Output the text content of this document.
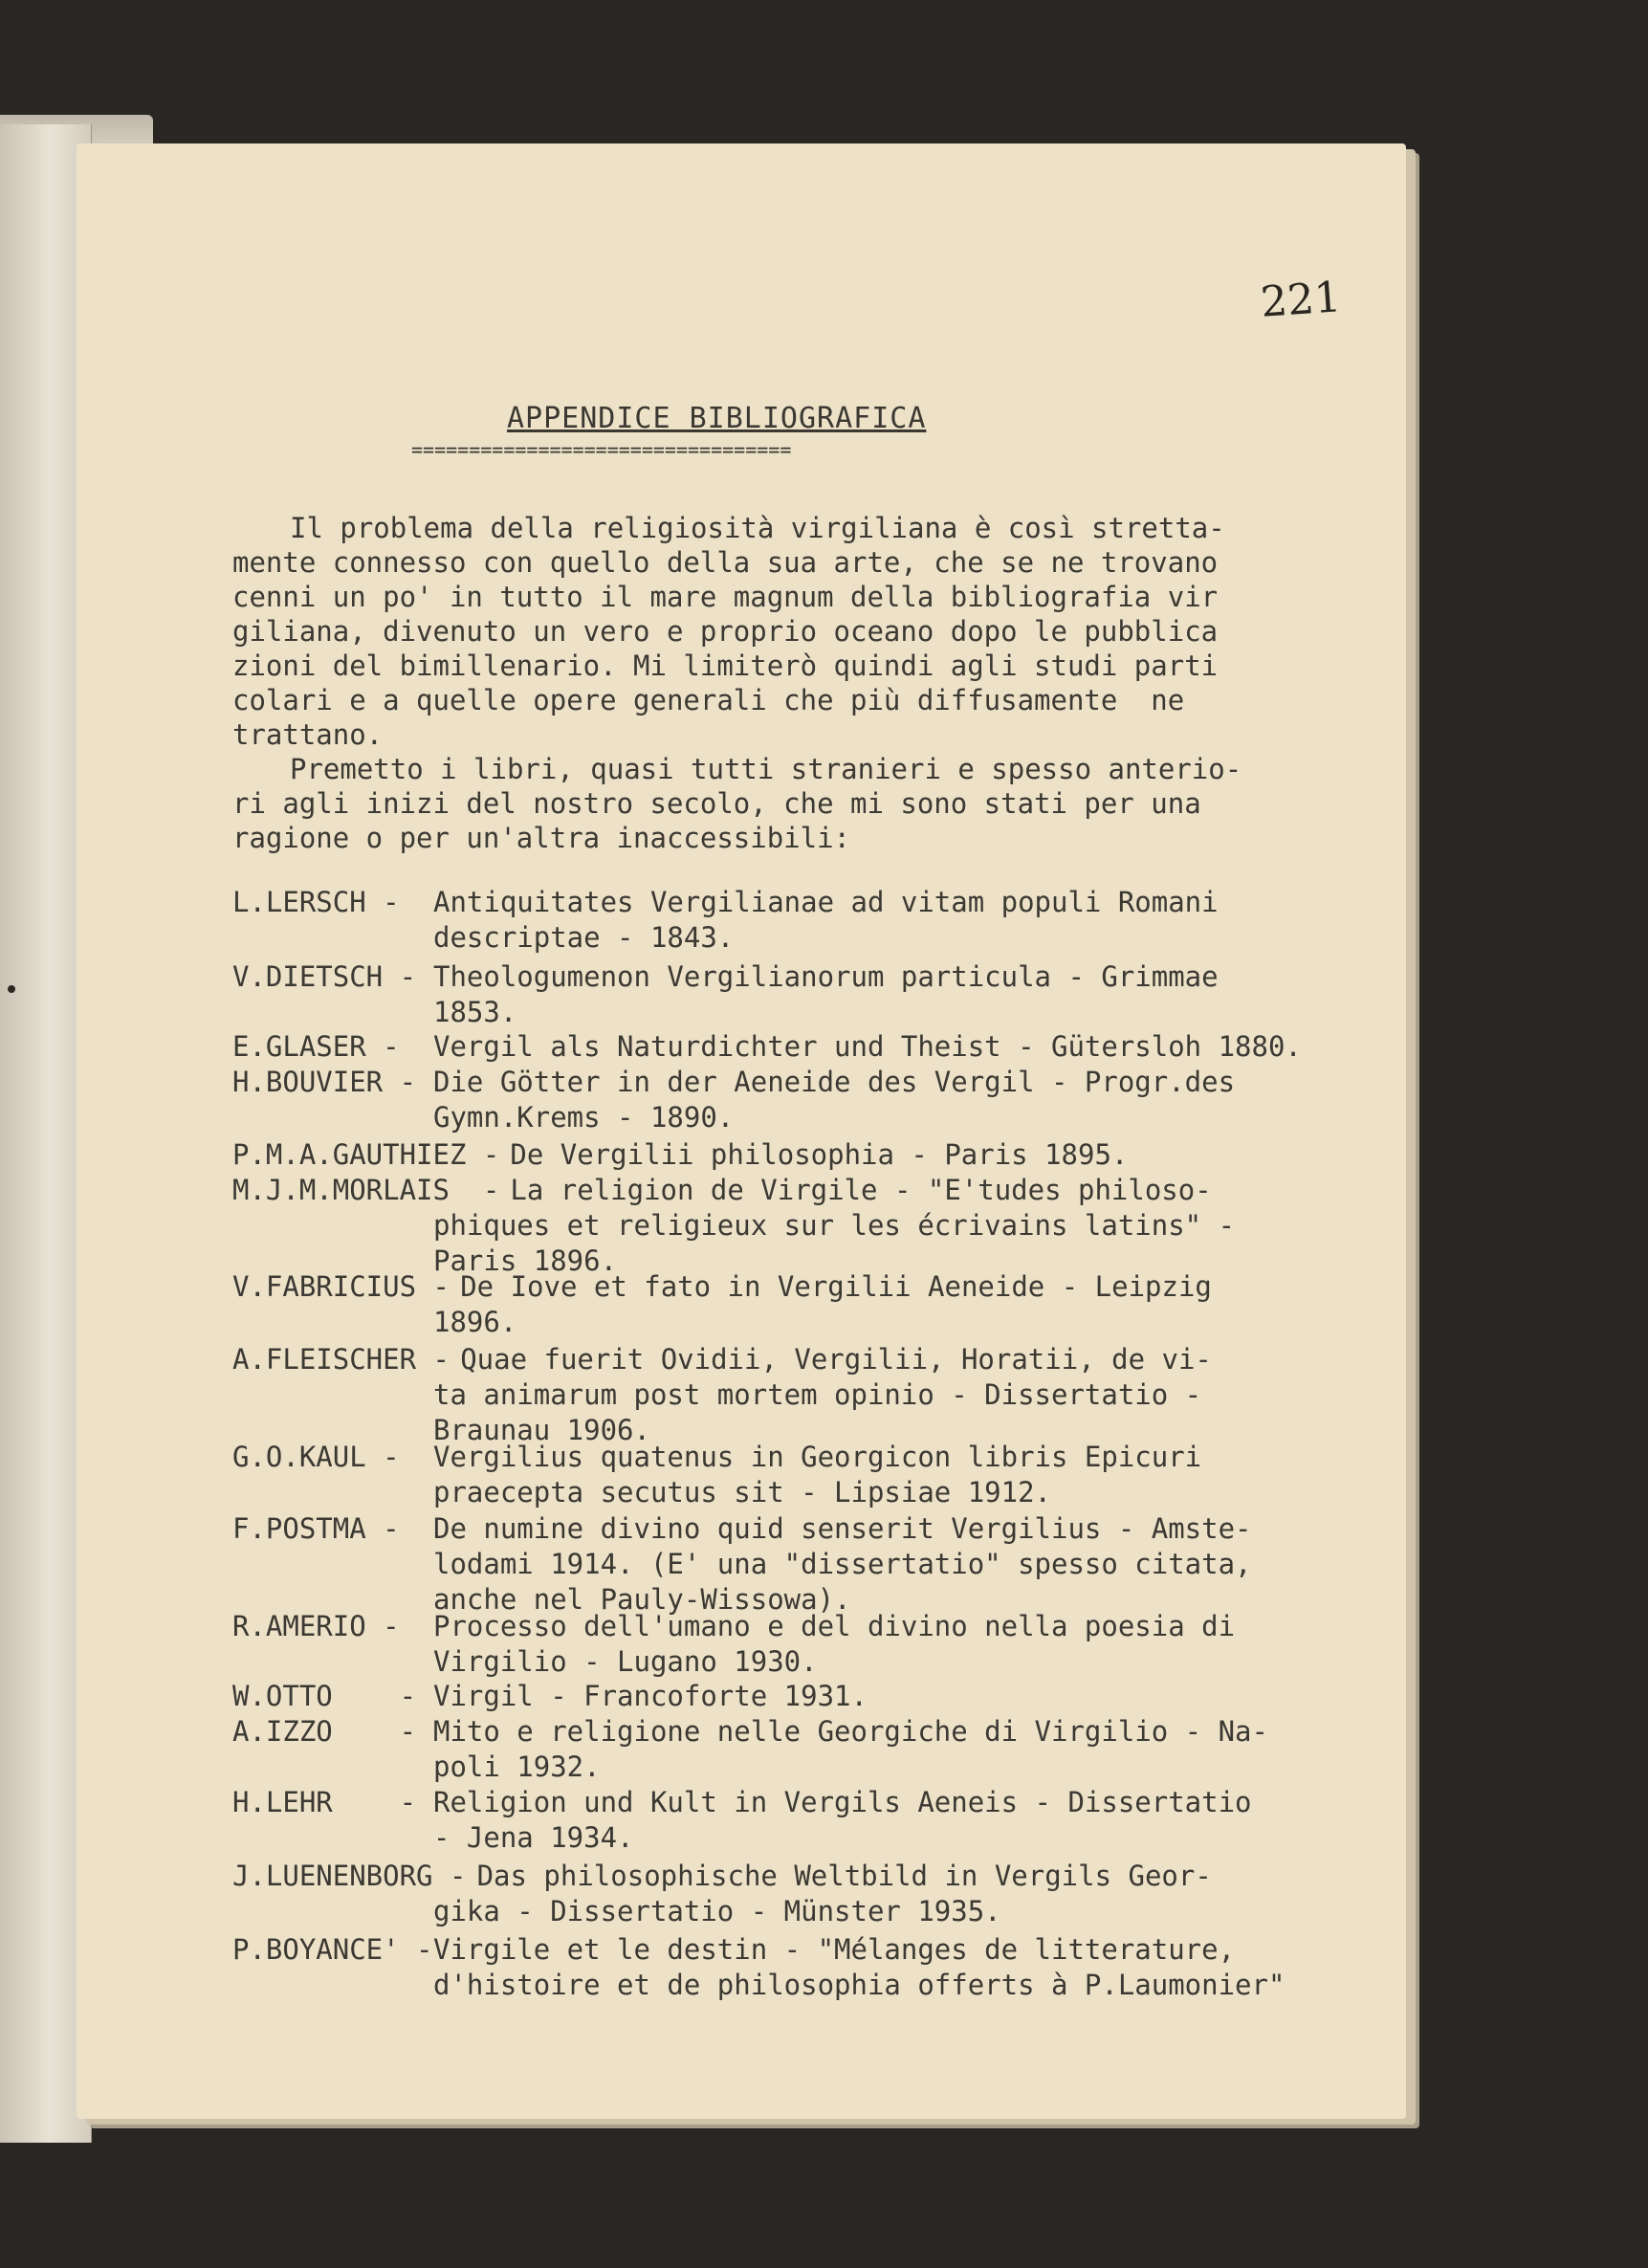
221
APPENDICE BIBLIOGRAFICA
=================================
Il problema della religiosità virgiliana è così stretta-
mente connesso con quello della sua arte, che se ne trovano
cenni un po' in tutto il mare magnum della bibliografia vir
giliana, divenuto un vero e proprio oceano dopo le pubblica
zioni del bimillenario. Mi limiterò quindi agli studi parti
colari e a quelle opere generali che più diffusamente  ne
trattano.
Premetto i libri, quasi tutti stranieri e spesso anterio-
ri agli inizi del nostro secolo, che mi sono stati per una
ragione o per un'altra inaccessibili:
L.LERSCH - Antiquitates Vergilianae ad vitam populi Romani
descriptae - 1843.
V.DIETSCH - Theologumenon Vergilianorum particula - Grimmae
1853.
E.GLASER - Vergil als Naturdichter und Theist - Gütersloh 1880.
H.BOUVIER - Die Götter in der Aeneide des Vergil - Progr.des
Gymn.Krems - 1890.
P.M.A.GAUTHIEZ - De Vergilii philosophia - Paris 1895.
M.J.M.MORLAIS  - La religion de Virgile - "E'tudes philoso-
phiques et religieux sur les écrivains latins" -
Paris 1896.
V.FABRICIUS - De Iove et fato in Vergilii Aeneide - Leipzig
1896.
A.FLEISCHER - Quae fuerit Ovidii, Vergilii, Horatii, de vi-
ta animarum post mortem opinio - Dissertatio -
Braunau 1906.
G.O.KAUL - Vergilius quatenus in Georgicon libris Epicuri
praecepta secutus sit - Lipsiae 1912.
F.POSTMA - De numine divino quid senserit Vergilius - Amste-
lodami 1914. (E' una "dissertatio" spesso citata,
anche nel Pauly-Wissowa).
R.AMERIO - Processo dell'umano e del divino nella poesia di
Virgilio - Lugano 1930.
W.OTTO    - Virgil - Francoforte 1931.
A.IZZO    - Mito e religione nelle Georgiche di Virgilio - Na-
poli 1932.
H.LEHR    - Religion und Kult in Vergils Aeneis - Dissertatio
- Jena 1934.
J.LUENENBORG - Das philosophische Weltbild in Vergils Geor-
gika - Dissertatio - Münster 1935.
P.BOYANCE' - Virgile et le destin - "Mélanges de litterature,
d'histoire et de philosophia offerts à P.Laumonier"
